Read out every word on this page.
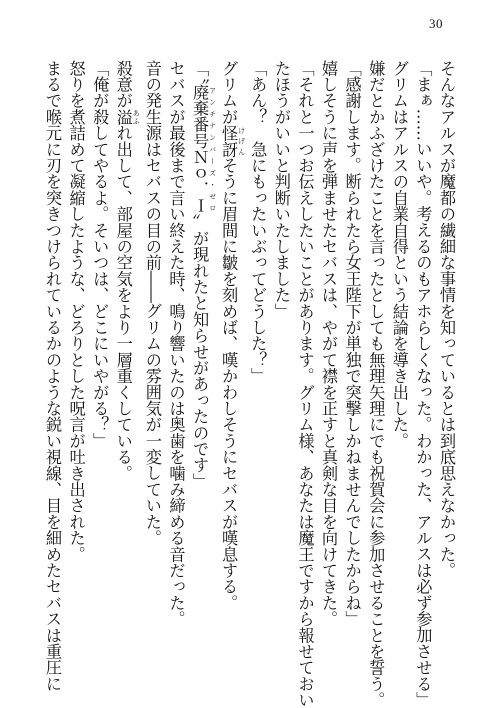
30
そんなアルスが魔都の繊細な事情を知っているとは到底思えなかった。
「まぁ……いいや。考えるのもアホらしくなった。わかった、アルスは必ず参加させる」
グリムはアルスの自業自得という結論を導き出した。
嫌だとかふざけたことを言ったとしても無理矢理にでも祝賀会に参加させることを誓う。
「感謝します。断られたら女王陛下が単独で突撃しかねませんでしたからね」
嬉しそうに声を弾ませたセバスは、やがて襟を正すと真剣な目を向けてきた。
「それと一つお伝えしたいことがあります。グリム様、あなたは魔王ですから報せておい
たほうがいいと判断いたしました」
「あん？　急にもったいぶってどうした？」
グリムが怪訝 けげんそうに眉間に皺を刻めば、嘆かわしそうにセバスが嘆息する。
「〝廃棄番号Ｎｏ．Ｉ アンチナンバーズ・ゼロ〟が現れたと知らせがあったのです」
セバスが最後まで言い終えた時、鳴り響いたのは奥歯を噛み締める音だった。
音の発生源はセバスの目の前――グリムの雰囲気が一変していた。
殺意が溢 あふれ出して、部屋の空気をより一層重くしている。
「俺が殺してやるよ。そいつは、どこにいやがる？」
怒りを煮詰めて凝縮したような、どろりとした呪言が吐き出された。
まるで喉元に刃を突きつけられているかのような鋭い視線、目を細めたセバスは重圧に
